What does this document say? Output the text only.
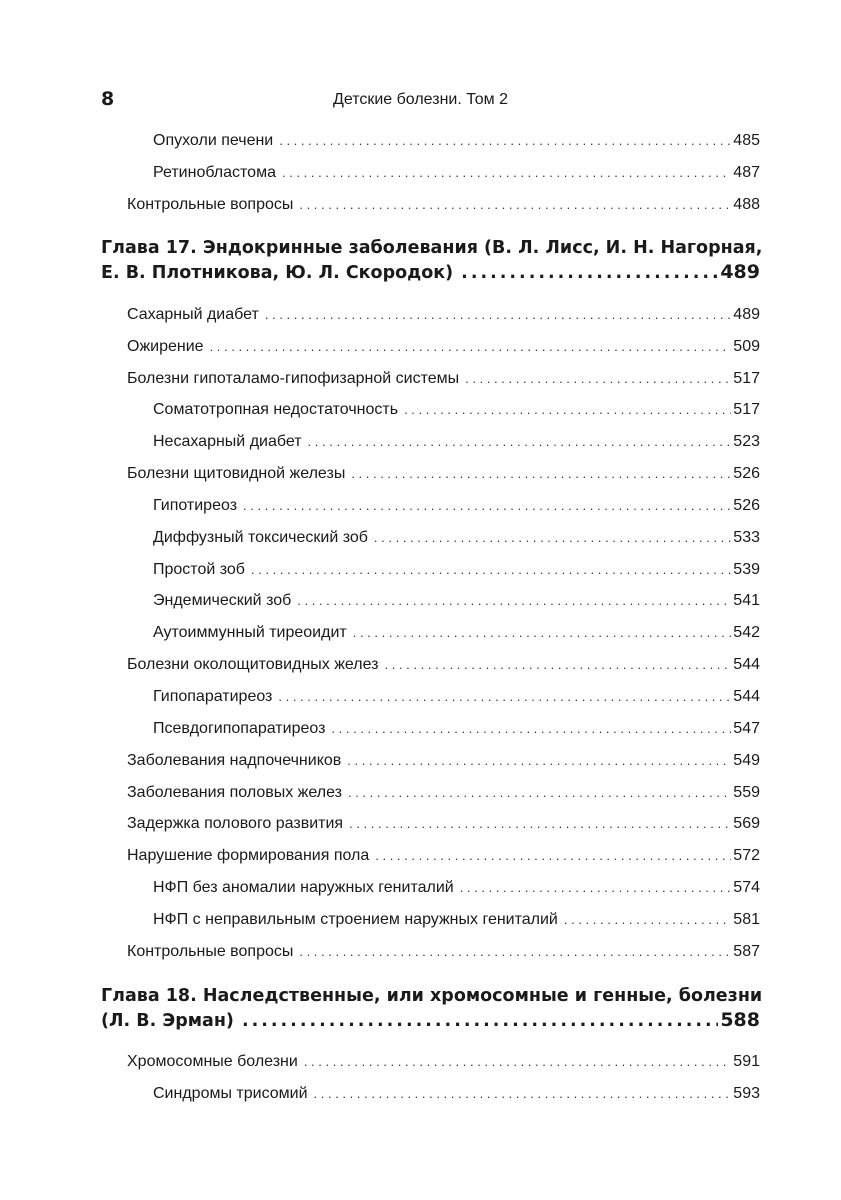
8	Детские болезни. Том 2
Опухоли печени . . .	485
Ретинобластома . . .	487
Контрольные вопросы . . .	488
Глава 17. Эндокринные заболевания (В. Л. Лисс, И. Н. Нагорная,
Е. В. Плотникова, Ю. Л. Скородок) .....	489
Сахарный диабет . . .	489
Ожирение . . .	509
Болезни гипоталамо-гипофизарной системы . . .	517
Соматотропная недостаточность . . .	517
Несахарный диабет . . .	523
Болезни щитовидной железы . . .	526
Гипотиреоз . . .	526
Диффузный токсический зоб . . .	533
Простой зоб . . .	539
Эндемический зоб . . .	541
Аутоиммунный тиреоидит . . .	542
Болезни околощитовидных желез . . .	544
Гипопаратиреоз . . .	544
Псевдогипопаратиреоз . . .	547
Заболевания надпочечников . . .	549
Заболевания половых желез . . .	559
Задержка полового развития . . .	569
Нарушение формирования пола . . .	572
НФП без аномалии наружных гениталий . . .	574
НФП с неправильным строением наружных гениталий . . .	581
Контрольные вопросы . . .	587
Глава 18. Наследственные, или хромосомные и генные, болезни
(Л. В. Эрман) .....	588
Хромосомные болезни . . .	591
Синдромы трисомий . . .	593
